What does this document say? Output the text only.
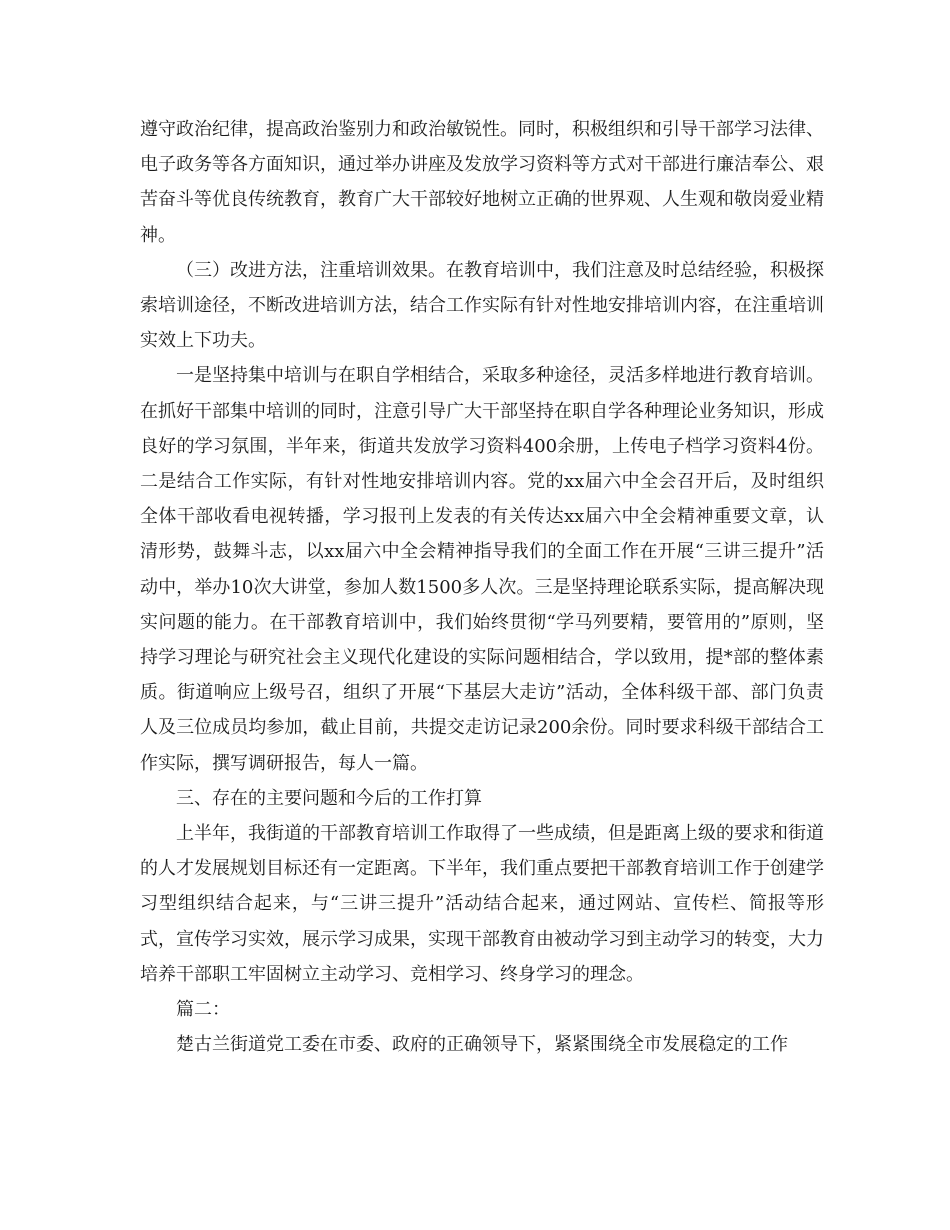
遵守政治纪律，提高政治鉴别力和政治敏锐性。同时，积极组织和引导干部学习法律、电子政务等各方面知识，通过举办讲座及发放学习资料等方式对干部进行廉洁奉公、艰苦奋斗等优良传统教育，教育广大干部较好地树立正确的世界观、人生观和敬岗爱业精神。

（三）改进方法，注重培训效果。在教育培训中，我们注意及时总结经验，积极探索培训途径，不断改进培训方法，结合工作实际有针对性地安排培训内容，在注重培训实效上下功夫。

一是坚持集中培训与在职自学相结合，采取多种途径，灵活多样地进行教育培训。在抓好干部集中培训的同时，注意引导广大干部坚持在职自学各种理论业务知识，形成良好的学习氛围，半年来，街道共发放学习资料400余册，上传电子档学习资料4份。二是结合工作实际，有针对性地安排培训内容。党的xx届六中全会召开后，及时组织全体干部收看电视转播，学习报刊上发表的有关传达xx届六中全会精神重要文章，认清形势，鼓舞斗志，以xx届六中全会精神指导我们的全面工作在开展“三讲三提升”活动中，举办10次大讲堂，参加人数1500多人次。三是坚持理论联系实际，提高解决现实问题的能力。在干部教育培训中，我们始终贯彻“学马列要精，要管用的”原则，坚持学习理论与研究社会主义现代化建设的实际问题相结合，学以致用，提*部的整体素质。街道响应上级号召，组织了开展“下基层大走访”活动，全体科级干部、部门负责人及三位成员均参加，截止目前，共提交走访记录200余份。同时要求科级干部结合工作实际，撰写调研报告，每人一篇。

三、存在的主要问题和今后的工作打算

上半年，我街道的干部教育培训工作取得了一些成绩，但是距离上级的要求和街道的人才发展规划目标还有一定距离。下半年，我们重点要把干部教育培训工作于创建学习型组织结合起来，与“三讲三提升”活动结合起来，通过网站、宣传栏、简报等形式，宣传学习实效，展示学习成果，实现干部教育由被动学习到主动学习的转变，大力培养干部职工牢固树立主动学习、竞相学习、终身学习的理念。

篇二：

楚古兰街道党工委在市委、政府的正确领导下，紧紧围绕全市发展稳定的工作
